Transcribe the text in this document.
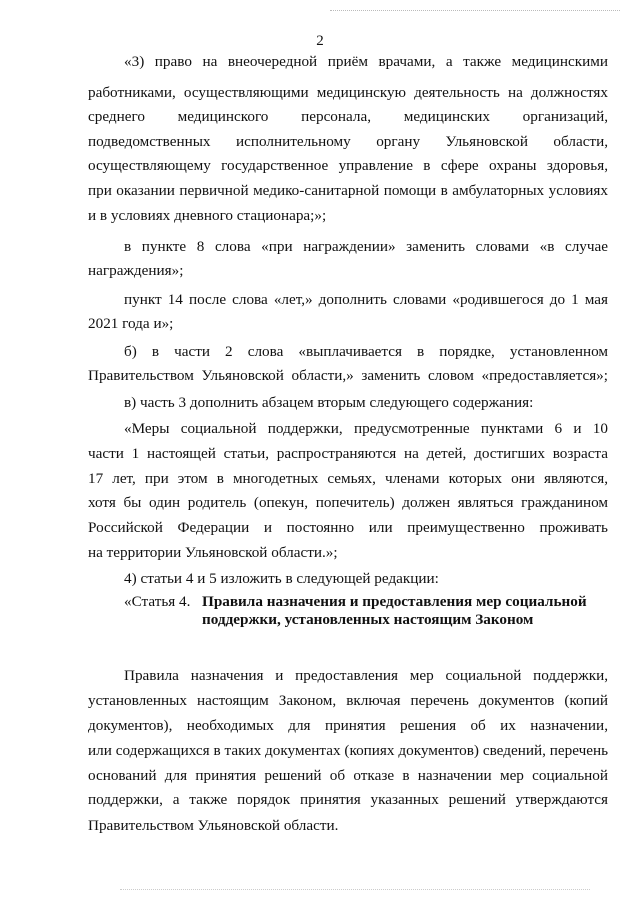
2
«3) право на внеочередной приём врачами, а также медицинскими
работниками, осуществляющими медицинскую деятельность на должностях
среднего медицинского персонала, медицинских организаций,
подведомственных исполнительному органу Ульяновской области,
осуществляющему государственное управление в сфере охраны здоровья,
при оказании первичной медико-санитарной помощи в амбулаторных условиях
и в условиях дневного стационара;»;
в пункте 8 слова «при награждении» заменить словами «в случае
награждения»;
пункт 14 после слова «лет,» дополнить словами «родившегося до 1 мая
2021 года и»;
б) в части 2 слова «выплачивается в порядке, установленном
Правительством Ульяновской области,» заменить словом «предоставляется»;
в) часть 3 дополнить абзацем вторым следующего содержания:
«Меры социальной поддержки, предусмотренные пунктами 6 и 10
части 1 настоящей статьи, распространяются на детей, достигших возраста
17 лет, при этом в многодетных семьях, членами которых они являются,
хотя бы один родитель (опекун, попечитель) должен являться гражданином
Российской Федерации и постоянно или преимущественно проживать
на территории Ульяновской области.»;
4) статьи 4 и 5 изложить в следующей редакции:
«Статья 4. Правила назначения и предоставления мер социальной
поддержки, установленных настоящим Законом
Правила назначения и предоставления мер социальной поддержки,
установленных настоящим Законом, включая перечень документов (копий
документов), необходимых для принятия решения об их назначении,
или содержащихся в таких документах (копиях документов) сведений, перечень
оснований для принятия решений об отказе в назначении мер социальной
поддержки, а также порядок принятия указанных решений утверждаются
Правительством Ульяновской области.
